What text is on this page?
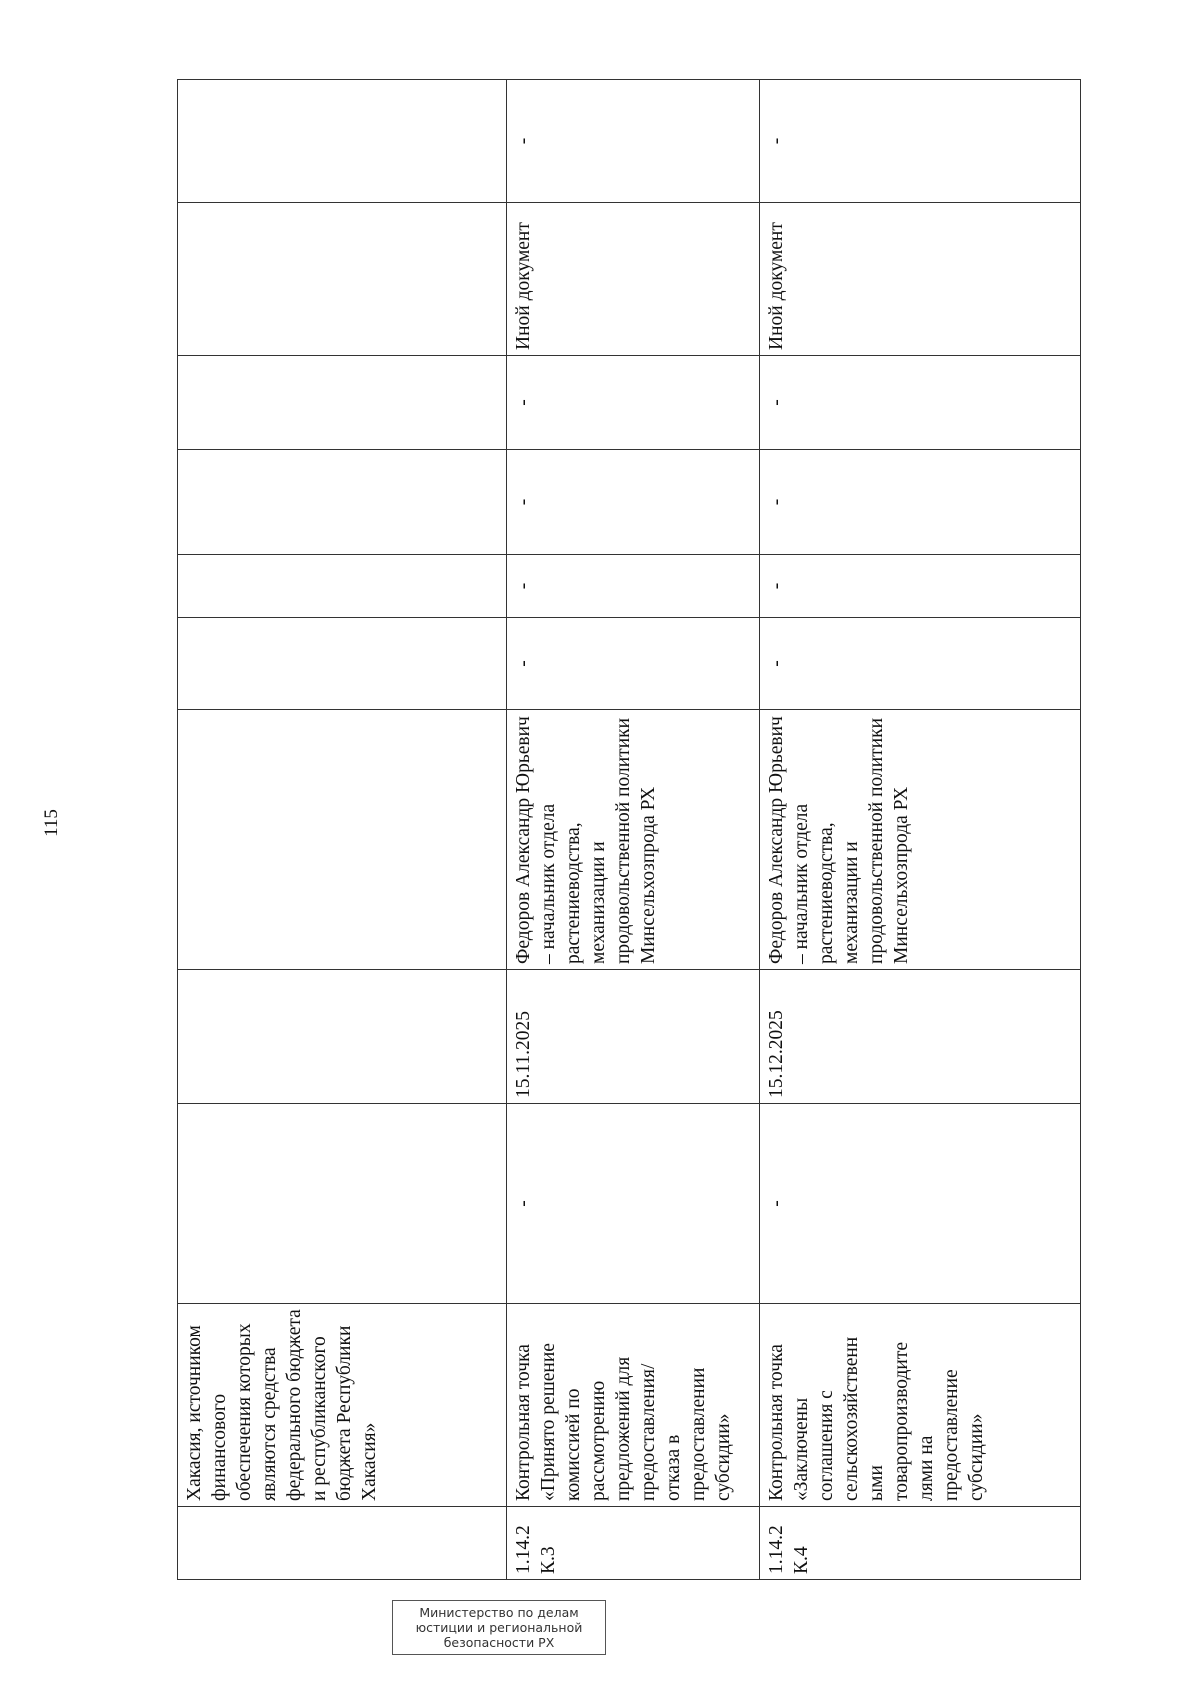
115
	Хакасия, источником финансового обеспечения которых являются средства федерального бюджета и республиканского бюджета Республики Хакасия»									
1.14.2 К.3	Контрольная точка «Принято решение комиссией по рассмотрению предложений для предоставления/ отказа в предоставлении субсидии»	-	15.11.2025	Федоров Александр Юрьевич – начальник отдела растениеводства, механизации и продовольственной политики Минсельхозпрода РХ	-	-	-	-	Иной документ	-
1.14.2 К.4	Контрольная точка «Заключены соглашения с сельскохозяйственн ыми товаропроизводите лями на предоставление субсидии»	-	15.12.2025	Федоров Александр Юрьевич – начальник отдела растениеводства, механизации и продовольственной политики Минсельхозпрода РХ	-	-	-	-	Иной документ	-
Министерство по делам
юстиции и региональной
безопасности РХ
